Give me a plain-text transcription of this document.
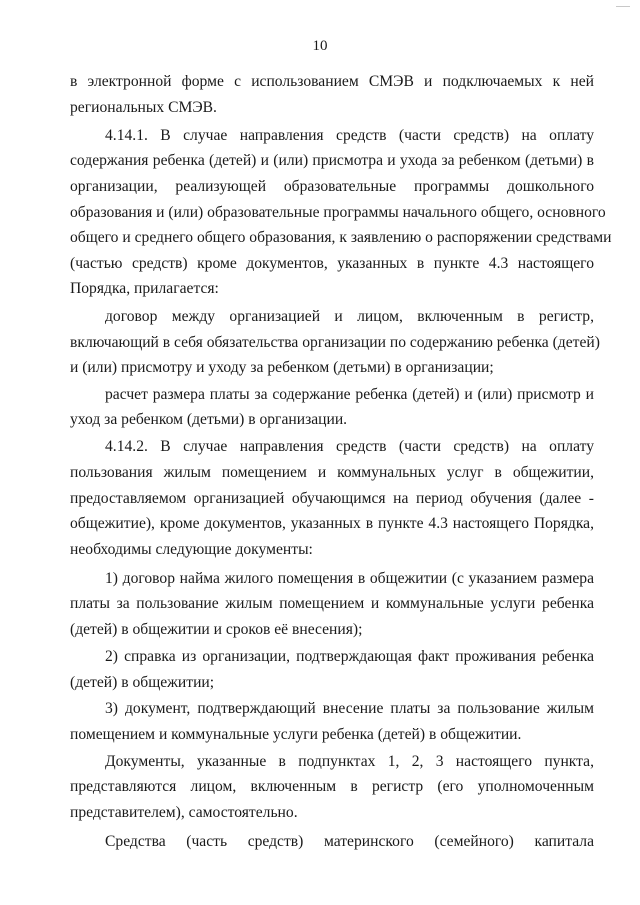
10
в электронной форме с использованием СМЭВ и подключаемых к ней
региональных СМЭВ.
4.14.1. В случае направления средств (части средств) на оплату
содержания ребенка (детей) и (или) присмотра и ухода за ребенком (детьми) в
организации, реализующей образовательные программы дошкольного
образования и (или) образовательные программы начального общего, основного
общего и среднего общего образования, к заявлению о распоряжении средствами
(частью средств) кроме документов, указанных в пункте 4.3 настоящего
Порядка, прилагается:
договор между организацией и лицом, включенным в регистр,
включающий в себя обязательства организации по содержанию ребенка (детей)
и (или) присмотру и уходу за ребенком (детьми) в организации;
расчет размера платы за содержание ребенка (детей) и (или) присмотр и
уход за ребенком (детьми) в организации.
4.14.2. В случае направления средств (части средств) на оплату
пользования жилым помещением и коммунальных услуг в общежитии,
предоставляемом организацией обучающимся на период обучения (далее -
общежитие), кроме документов, указанных в пункте 4.3 настоящего Порядка,
необходимы следующие документы:
1) договор найма жилого помещения в общежитии (с указанием размера
платы за пользование жилым помещением и коммунальные услуги ребенка
(детей) в общежитии и сроков её внесения);
2) справка из организации, подтверждающая факт проживания ребенка
(детей) в общежитии;
3) документ, подтверждающий внесение платы за пользование жилым
помещением и коммунальные услуги ребенка (детей) в общежитии.
Документы, указанные в подпунктах 1, 2, 3 настоящего пункта,
представляются лицом, включенным в регистр (его уполномоченным
представителем), самостоятельно.
Средства (часть средств) материнского (семейного) капитала
